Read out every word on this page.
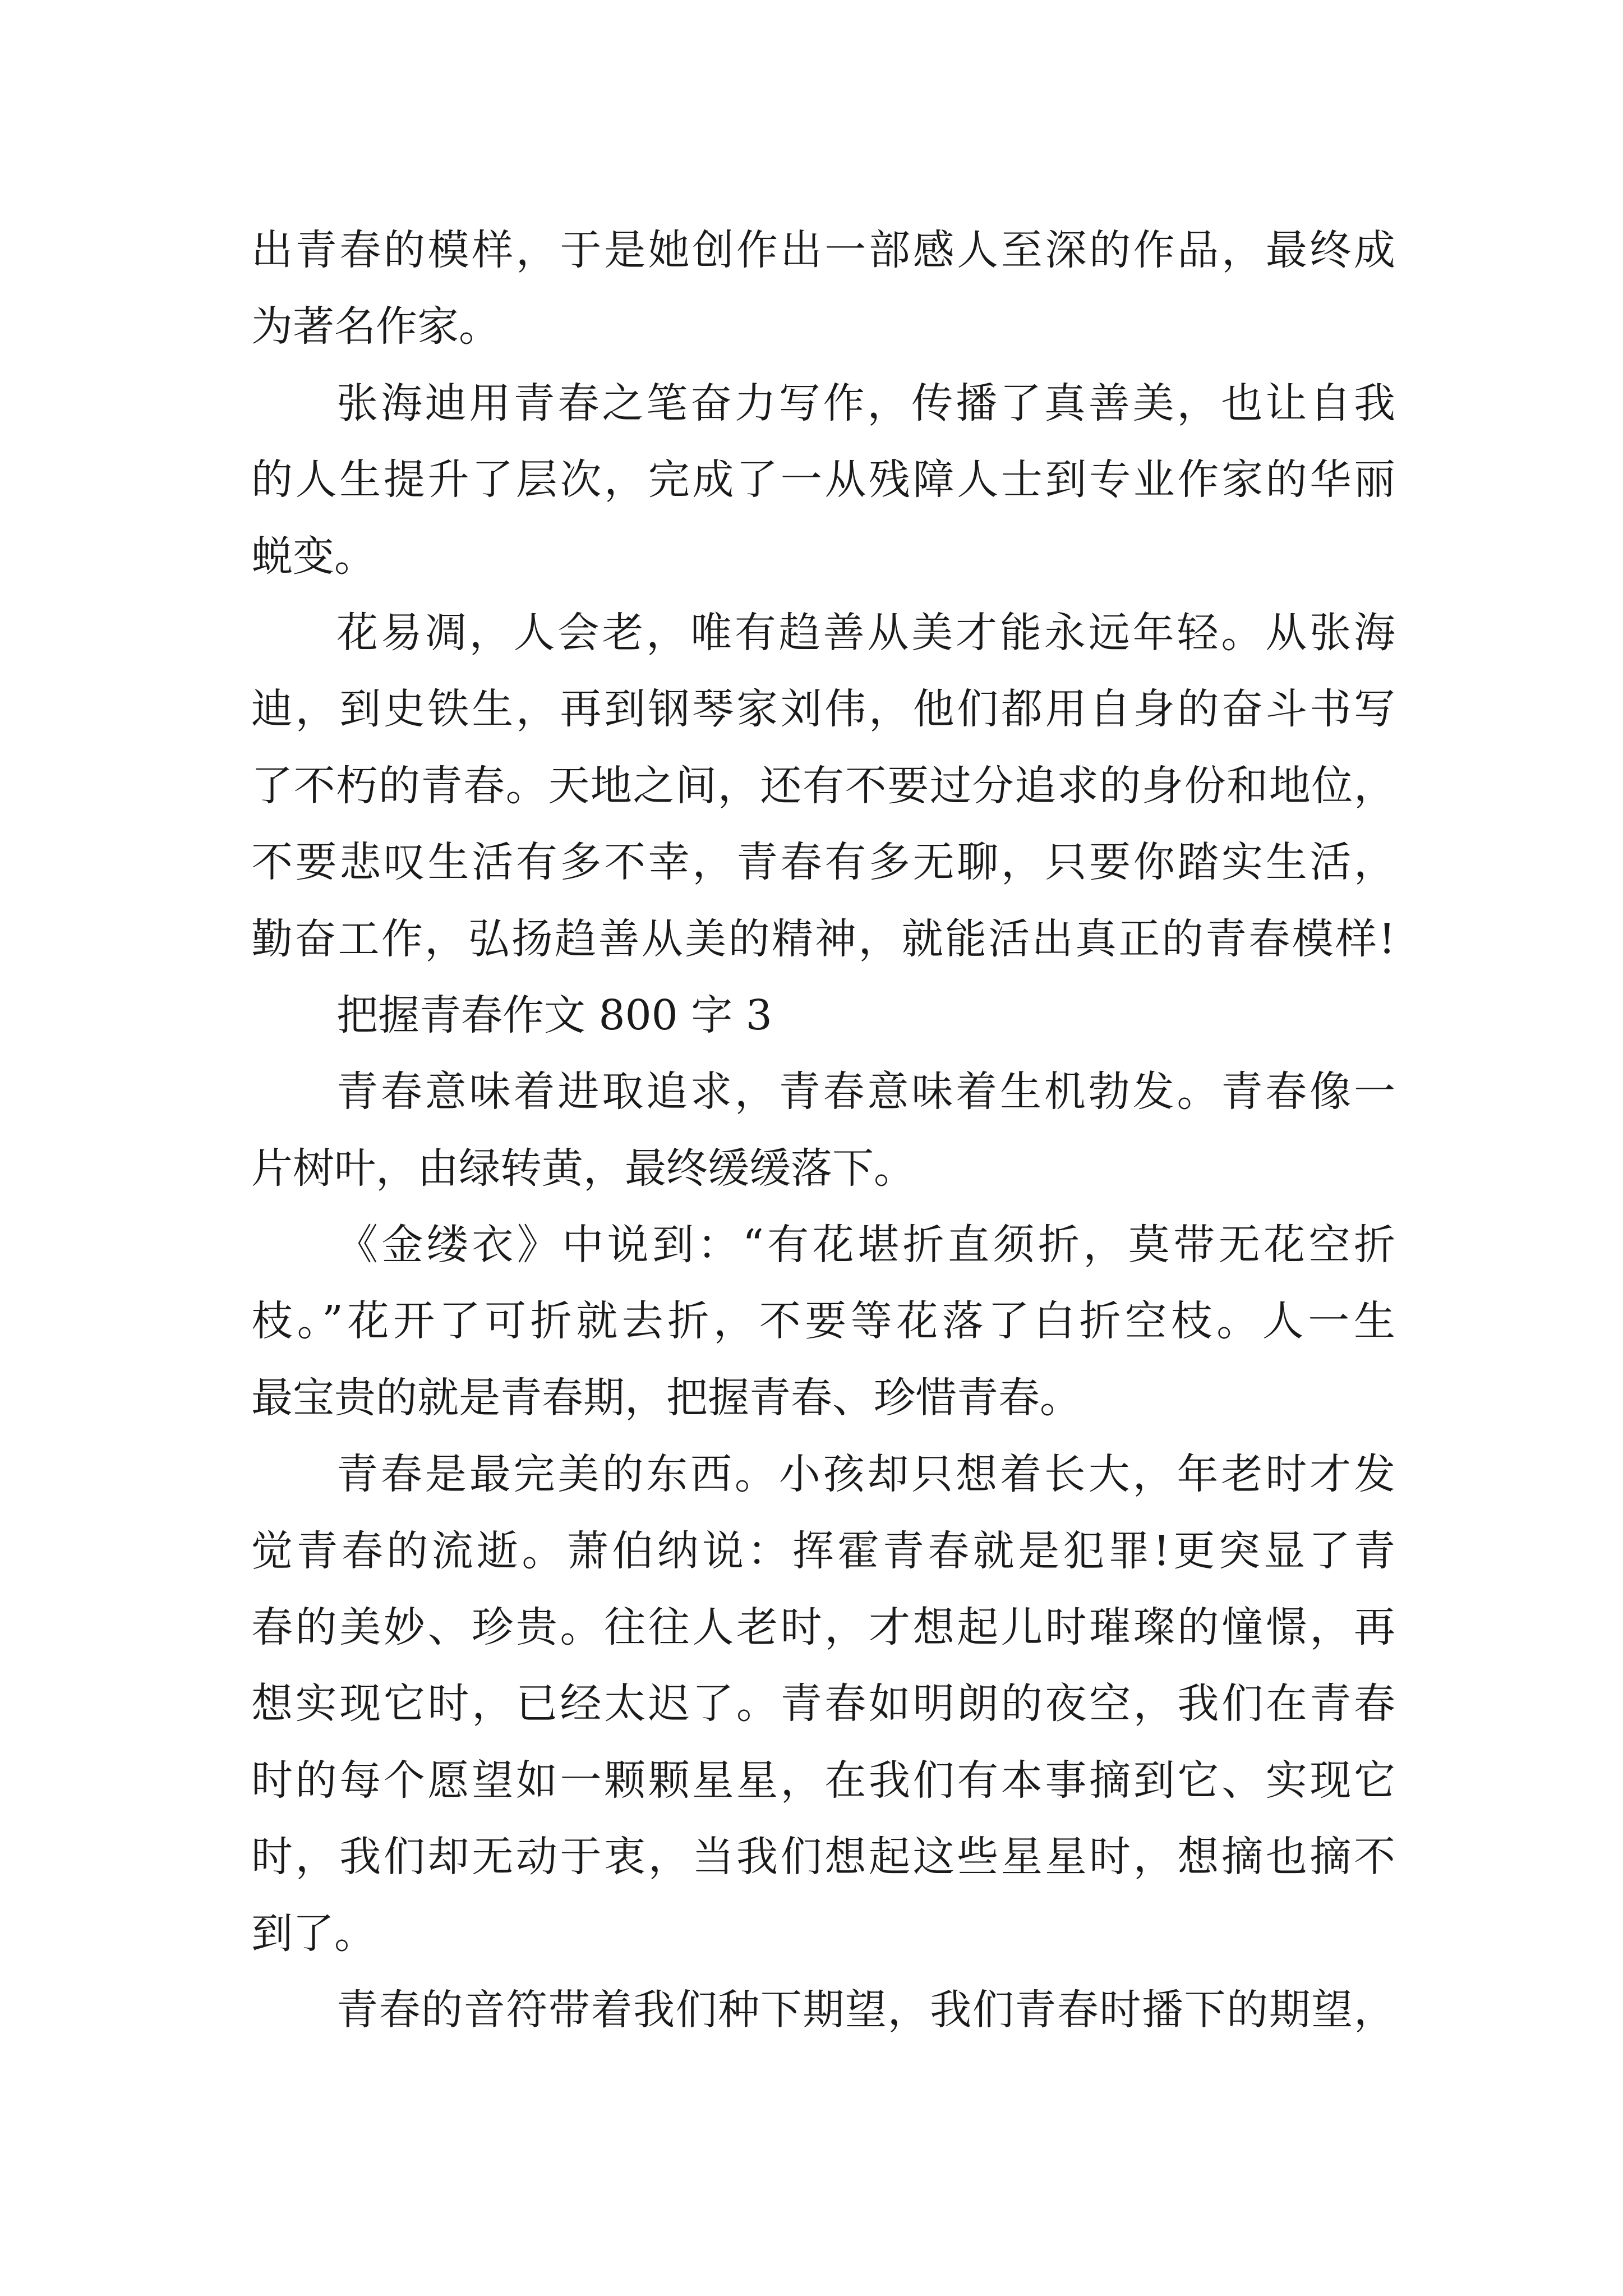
出青春的模样，于是她创作出一部感人至深的作品，最终成
为著名作家。
张海迪用青春之笔奋力写作，传播了真善美，也让自我
的人生提升了层次，完成了一从残障人士到专业作家的华丽
蜕变。
花易凋，人会老，唯有趋善从美才能永远年轻。从张海
迪，到史铁生，再到钢琴家刘伟，他们都用自身的奋斗书写
了不朽的青春。天地之间，还有不要过分追求的身份和地位，
不要悲叹生活有多不幸，青春有多无聊，只要你踏实生活，
勤奋工作，弘扬趋善从美的精神，就能活出真正的青春模样!
把握青春作文 800 字 3
青春意味着进取追求，青春意味着生机勃发。青春像一
片树叶，由绿转黄，最终缓缓落下。
《金缕衣》中说到：“有花堪折直须折，莫带无花空折
枝。”花开了可折就去折，不要等花落了白折空枝。人一生
最宝贵的就是青春期，把握青春、珍惜青春。
青春是最完美的东西。小孩却只想着长大，年老时才发
觉青春的流逝。萧伯纳说：挥霍青春就是犯罪!更突显了青
春的美妙、珍贵。往往人老时，才想起儿时璀璨的憧憬，再
想实现它时，已经太迟了。青春如明朗的夜空，我们在青春
时的每个愿望如一颗颗星星，在我们有本事摘到它、实现它
时，我们却无动于衷，当我们想起这些星星时，想摘也摘不
到了。
青春的音符带着我们种下期望，我们青春时播下的期望，
